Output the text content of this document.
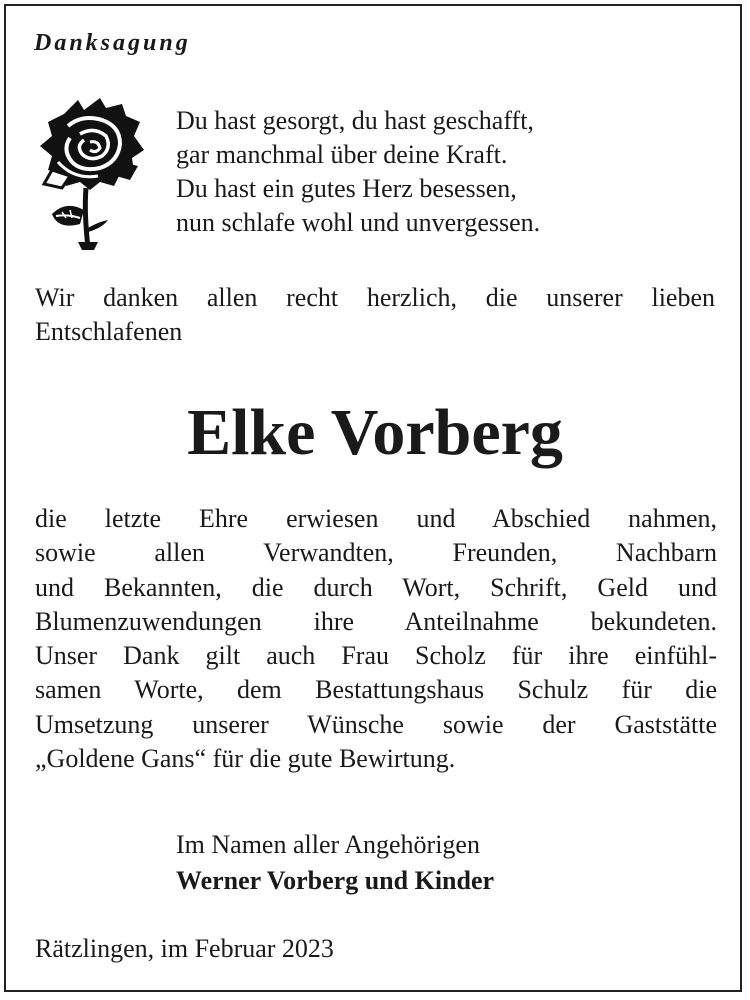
Danksagung
Du hast gesorgt, du hast geschafft,
gar manchmal über deine Kraft.
Du hast ein gutes Herz besessen,
nun schlafe wohl und unvergessen.

Wir danken allen recht herzlich, die unserer lieben
Entschlafenen

Elke Vorberg
die letzte Ehre erwiesen und Abschied nahmen,
sowie allen Verwandten, Freunden, Nachbarn
und Bekannten, die durch Wort, Schrift, Geld und
Blumenzuwendungen ihre Anteilnahme bekundeten.
Unser Dank gilt auch Frau Scholz für ihre einfühl-
samen Worte, dem Bestattungshaus Schulz für die
Umsetzung unserer Wünsche sowie der Gaststätte
„Goldene Gans“ für die gute Bewirtung.
Im Namen aller Angehörigen
Werner Vorberg und Kinder

Rätzlingen, im Februar 2023
